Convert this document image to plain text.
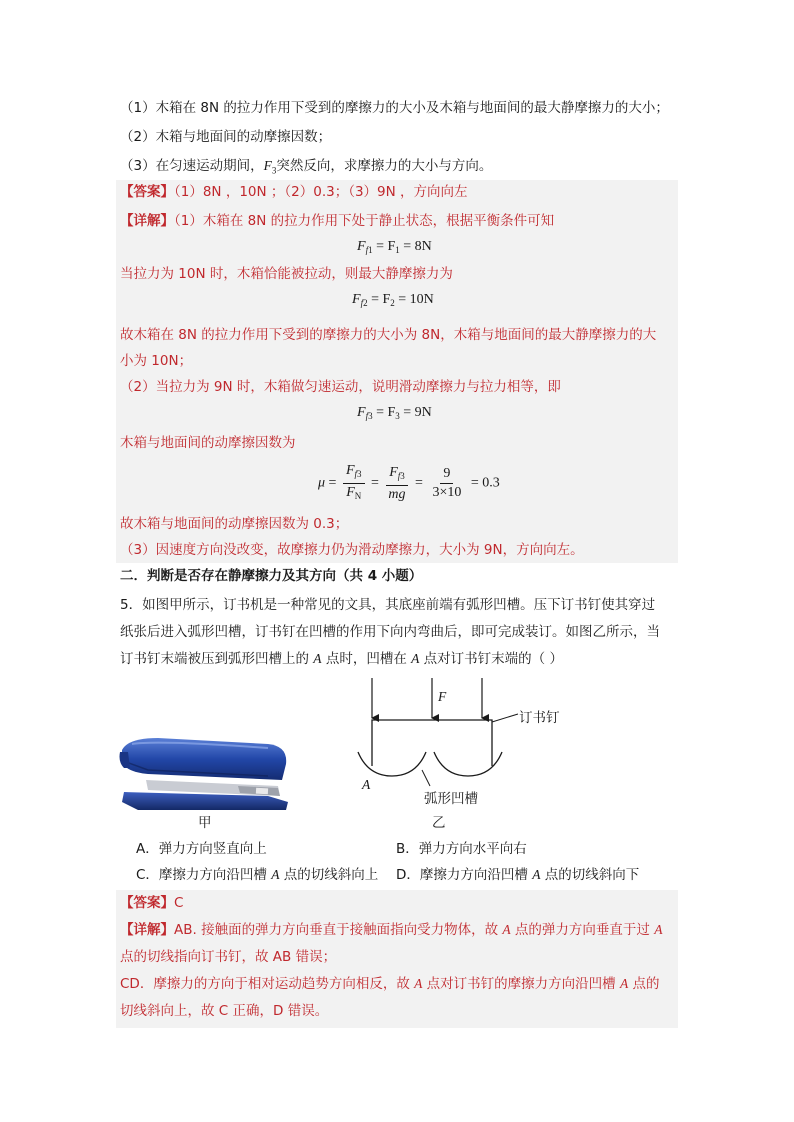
（1）木箱在 8N 的拉力作用下受到的摩擦力的大小及木箱与地面间的最大静摩擦力的大小；
（2）木箱与地面间的动摩擦因数；
（3）在匀速运动期间，$F_3$突然反向，求摩擦力的大小与方向。
【答案】（1）8N ，10N ；（2）0.3；（3）9N ，方向向左
【详解】（1）木箱在 8N 的拉力作用下处于静止状态，根据平衡条件可知
$F_{f1} = F_1 = 8N$
当拉力为 10N 时，木箱恰能被拉动，则最大静摩擦力为
$F_{f2} = F_2 = 10N$
故木箱在 8N 的拉力作用下受到的摩擦力的大小为 8N，木箱与地面间的最大静摩擦力的大
小为 10N；
（2）当拉力为 9N 时，木箱做匀速运动，说明滑动摩擦力与拉力相等，即
$F_{f3} = F_3 = 9N$
木箱与地面间的动摩擦因数为
$\mu = \frac{F_{f3}}{F_N} = \frac{F_{f3}}{mg} = \frac{9}{3\times 10} = 0.3$
故木箱与地面间的动摩擦因数为 0.3；
（3）因速度方向没改变，故摩擦力仍为滑动摩擦力，大小为 9N，方向向左。
二．判断是否存在静摩擦力及其方向（共 4 小题）
5．如图甲所示，订书机是一种常见的文具，其底座前端有弧形凹槽。压下订书钉使其穿过
纸张后进入弧形凹槽，订书钉在凹槽的作用下向内弯曲后，即可完成装订。如图乙所示，当
订书钉末端被压到弧形凹槽上的 A 点时，凹槽在 A 点对订书钉末端的（ ）
甲
F
订书钉
A
弧形凹槽
乙
A．弹力方向竖直向上	B．弹力方向水平向右
C．摩擦力方向沿凹槽 A 点的切线斜向上 D．摩擦力方向沿凹槽 A 点的切线斜向下
【答案】C
【详解】AB. 接触面的弹力方向垂直于接触面指向受力物体，故 A 点的弹力方向垂直于过 A
点的切线指向订书钉，故 AB 错误；
CD．摩擦力的方向于相对运动趋势方向相反，故 A 点对订书钉的摩擦力方向沿凹槽 A 点的
切线斜向上，故 C 正确，D 错误。
